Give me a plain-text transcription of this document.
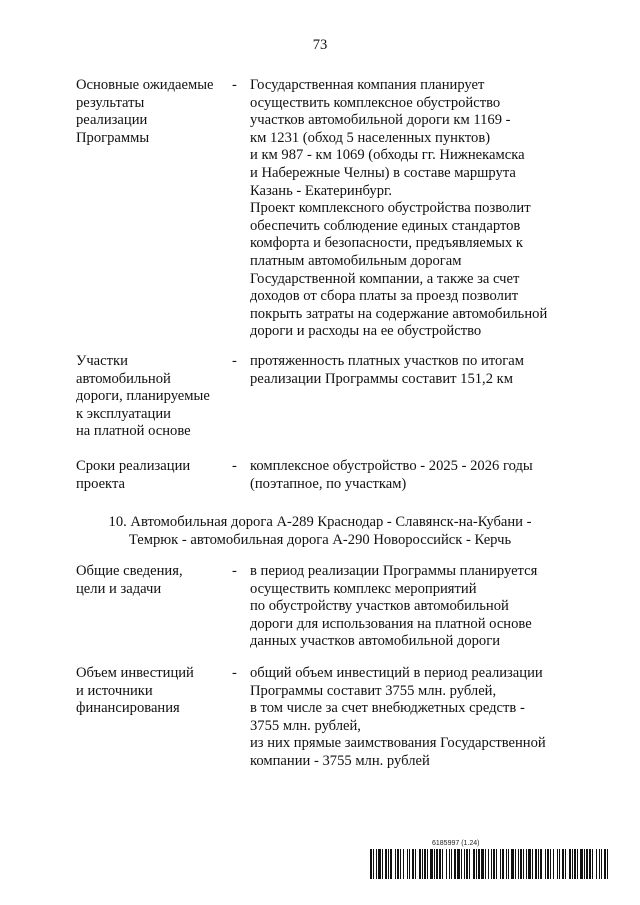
73
Основные ожидаемые
результаты
реализации
Программы
- Государственная компания планирует
осуществить комплексное обустройство
участков автомобильной дороги км 1169 -
км 1231 (обход 5 населенных пунктов)
и км 987 - км 1069 (обходы гг. Нижнекамска
и Набережные Челны) в составе маршрута
Казань - Екатеринбург.
Проект комплексного обустройства позволит
обеспечить соблюдение единых стандартов
комфорта и безопасности, предъявляемых к
платным автомобильным дорогам
Государственной компании, а также за счет
доходов от сбора платы за проезд позволит
покрыть затраты на содержание автомобильной
дороги и расходы на ее обустройство
Участки
автомобильной
дороги, планируемые
к эксплуатации
на платной основе
- протяженность платных участков по итогам
реализации Программы составит 151,2 км
Сроки реализации
проекта
- комплексное обустройство - 2025 - 2026 годы
(поэтапное, по участкам)
10. Автомобильная дорога А-289 Краснодар - Славянск-на-Кубани -
Темрюк - автомобильная дорога А-290 Новороссийск - Керчь
Общие сведения,
цели и задачи
- в период реализации Программы планируется
осуществить комплекс мероприятий
по обустройству участков автомобильной
дороги для использования на платной основе
данных участков автомобильной дороги
Объем инвестиций
и источники
финансирования
- общий объем инвестиций в период реализации
Программы составит 3755 млн. рублей,
в том числе за счет внебюджетных средств -
3755 млн. рублей,
из них прямые заимствования Государственной
компании - 3755 млн. рублей
6185997 (1.24)
